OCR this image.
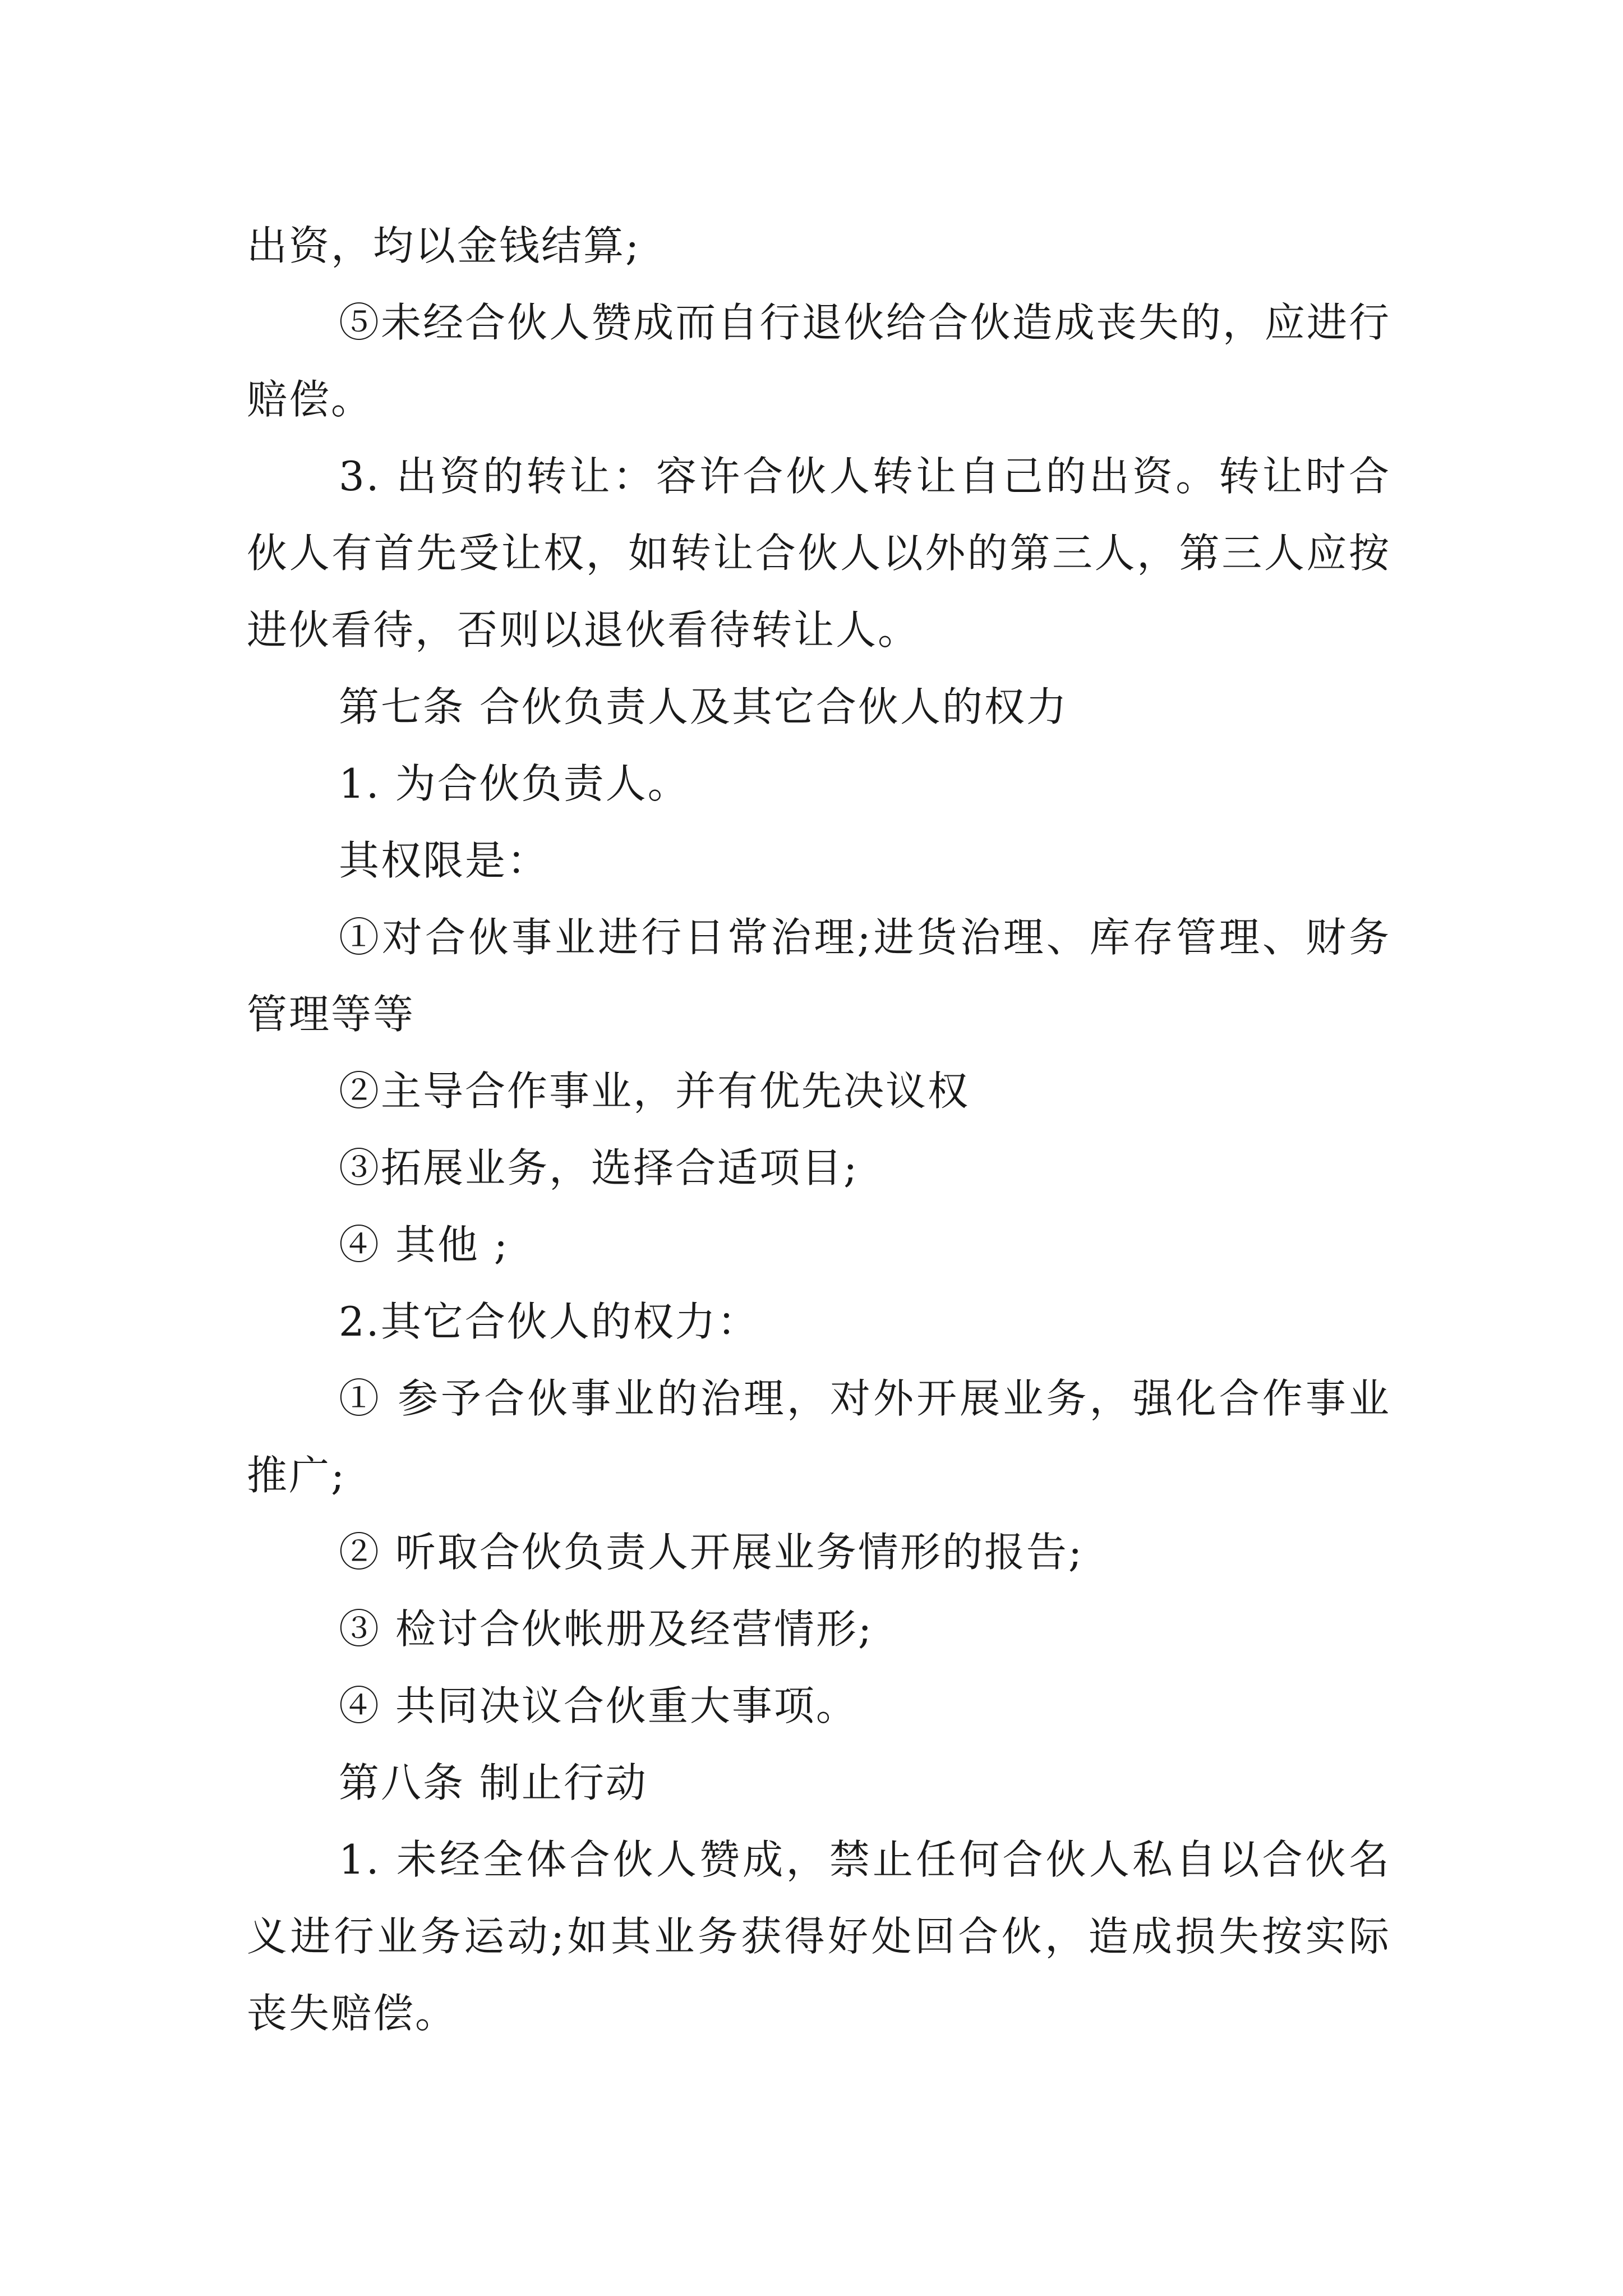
出资，均以金钱结算;

⑤未经合伙人赞成而自行退伙给合伙造成丧失的，应进行赔偿。

3. 出资的转让：容许合伙人转让自己的出资。转让时合伙人有首先受让权，如转让合伙人以外的第三人，第三人应按进伙看待，否则以退伙看待转让人。

第七条 合伙负责人及其它合伙人的权力

1. 为合伙负责人。

其权限是：

①对合伙事业进行日常治理;进货治理、库存管理、财务管理等等

②主导合作事业，并有优先决议权

③拓展业务，选择合适项目;

④ 其他 ;

2.其它合伙人的权力：

① 参予合伙事业的治理，对外开展业务，强化合作事业推广;

② 听取合伙负责人开展业务情形的报告;

③ 检讨合伙帐册及经营情形;

④ 共同决议合伙重大事项。

第八条 制止行动

1. 未经全体合伙人赞成，禁止任何合伙人私自以合伙名义进行业务运动;如其业务获得好处回合伙，造成损失按实际丧失赔偿。
